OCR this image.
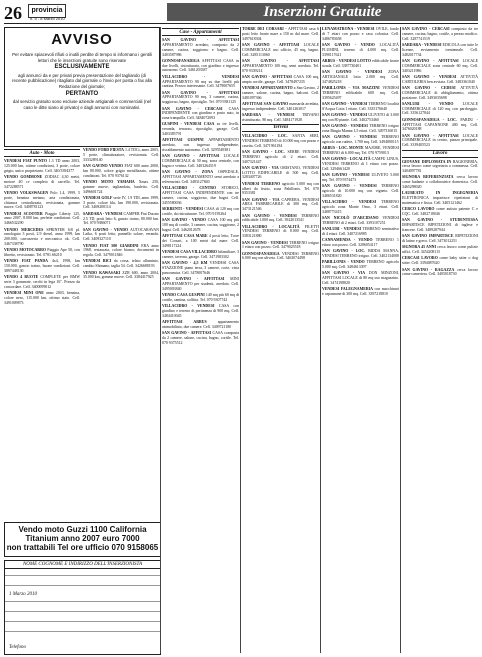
26	provincia
n. 5 - 8 Marzo 2010	Inserzioni Gratuite
AVVISO
Per evitare spiacevoli rifiuti o inutili perdite di tempo si informano i gentili lettori che le inserzioni gratuite sono riservate
ESCLUSIVAMENTE
agli annunci da e per privati previa presentazione del tagliando (di recente pubblicazione) ritagliato dal giornale o l'invio per posta o fax alla Redazione del giornale;
PERTANTO
dal servizio gratuito sono escluse aziende artigianali e commerciali (nel caso le ditte siano al privato) e dagli annunci con nominativi.
Auto - Moto

VENDESI FIAT PUNTO 1.3 TD anno 2003, 125.000 km, ottime condizioni, 3 porte, colore grigio, unico proprietario. Cell. 340/3394377

VENDO GOMMONE ZODIAC 4,30 metri, motore 40 cv completo di carrello. Tel. 3472288571

VENDO VOLKSWAGEN Polo 1.4, 1999, 5 porte, benzina metano, aria condizionata, chiusura centralizzata, revisionata, gomme nuove. Cell. 3408781123

VENDESI SCOOTER Piaggio Liberty 125, anno 2007, 8.000 km, perfette condizioni. Cell. 3466532290

VENDO MERCEDES SPRINTER 6/8 pl. omologato 3 posti, 2.9 diesel, anno 1999, km 200.000, carrozzeria e meccanica ok. Cell. 3467338790

VENDO MOTOCARRO Piaggio Ape 50, con libretto, revisionato. Tel. 0781.66210

VENDO FIAT PANDA 4x4, 1998, km 150.000, gancio traino, buone condizioni. Cell. 3897448130

VENDO 4 RUOTE COMPLETE per BMW serie 3 gommate, cerchi in lega 16". Prezzo da concordare. Cell. 3400099012

VENDESI MINI ONE anno 2003, benzina, colore nero, 115.000 km, ottimo stato. Cell. 3491009873

VENDO FORD FIESTA 1.4 TDCi, anno 2005, 5 porte, climatizzatore, revisionata. Cell. 3333289140

SAN GAVINO VENDO FIAT 600 anno 2000, km 80.000, colore grigio metallizzato, ottime condizioni. Tel. 070 9376132

VENDO MOTO YAMAHA Xmax 250, gomme nuove, tagliandata, bauletto. Cell. 3496601724

VENDESI GOLF serie IV, 1.9 TDI, anno 1999, 3 porte, colore blu, km 190.000, revisionata. Cell. 3469200114

SARDARA - VENDESI CAMPER Fiat Ducato 2.5 TD, posti letto 6, gancio traino, 80.000 km. Tel. 070 9386071

SAN GAVINO - VENDO AUTOCARAVAN Laika, 6 posti letto, pannello solare, veranda. Cell. 3409327110

VENDO FIAT 500 GIARDINI ERA anno 1968, restaurata, colore bianco, documenti in regola. Cell. 3479011846

VENDESI BICI da corsa, telaio alluminio, cambio Shimano, taglia 54. Cell. 3426688193

VENDO KAWASAKI ZZR 600, anno 2004, 35.000 km, gomme nuove. Cell. 3384417925

Vendo moto Guzzi 1100 California
Titanium anno 2007 euro 7000
non trattabili Tel ore ufficio 070 9158065
NOME COGNOME E INDIRIZZO DELL'INSERZIONISTA
1 Marzo 2010
Telefono
Case - Appartamenti

SAN GAVINO - AFFITTASI APPARTAMENTO arredato, composto da 2 camere, cucina, soggiorno e bagno. Cell. 3403587986

GONNOSFANADIGA AFFITTASI CASA in due livelli, ristrutturata, con giardino e ingresso autonomo. Cell. 3461203387

VILLACIDRO - VENDESI APPARTAMENTO 90 mq su due livelli più cantina. Prezzo interessante. Cell. 3479007655

SAN GAVINO - AFFITTASI APPARTAMENTO 90 mq, 3 camere, cucina, soggiorno, bagno, ripostiglio. Tel. 070 9381125

SAN GAVINO - CERCASI CASA INDIPENDENTE con giardino e posto auto, in zona tranquilla. Cell. 3484072093

GUSPINI - VENDESI CASA su tre livelli, veranda, terrazzo, ripostiglio, garage. Cell. 3403385791

AFFITTASI GUSPINI APPARTAMENTO arredato, con ingresso indipendente, riscaldamento autonomo. Cell. 3295549381

SAN GAVINO - AFFITTASI LOCALE COMMERCIALE di 50 mq, zona centrale, con bagno e vetrina. Cell. 3403264519

SAN GAVINO - ZONA OSPEDALE, AFFITTASI APPARTAMENTO semi arredato a referenziati. Cell. 3483127840

VILLACIDRO - CENTRO STORICO, AFFITTASI CASA INDIPENDENTE con tre camere, cucina, soggiorno, due bagni. Cell. 3455580036

SERRENTI - VENDESI CASA di 120 mq con cortile, da ristrutturare. Tel. 070 9159264

SAN GAVINO - VENDO CASA 100 mq più 100 mq di cortile, 3 camere, cucina, soggiorno, 2 bagni. Cell. 3462012678

AFFITTASI CASA MARE 4 posti letto, Torre dei Corsari, a 100 metri dal mare. Cell. 3498117224

VENDESI CASA VILLACIDRO bifamiliare, 3 camere, taverna, garage. Cell. 3471983302

SAN GAVINO - 4,5 KM VENDESI CASA STAZZIONE piano terra, 3 camere, corte, vista panoramica. Cell. 3478007646

SAN GAVINO - AFFITTASI MINI APPARTAMENTO per studenti, arredato. Cell. 3495003840

VENDO CASA GUSPINI 140 mq più 60 mq di cortile, cantina, soffitta. Tel. 070 9307742

VILLACIDRO - VENDESI CASA con giardino e terreno di pertinenza di 900 mq. Cell. 3484410045

AFFITTASI ARBUS appartamento ammobiliato, due camere. Cell. 3409721180

SAN GAVINO - AFFITTASI CASA composta da 2 camere, salone, cucina, bagno, cortile. Tel. 070 9375512

TORRE DEI CORSARI - AFFITTASI casa 6 posti letto fronte mare a 150 m dal mare. Cell. 3497618304

SAN GAVINO - AFFITTASI LOCALE COMMERCIALE uso ufficio, 45 mq, bagno. Cell. 3285113060

SAN GAVINO - AFFITTASI APPARTAMENTO 100 mq, semi arredato. Tel. 070 9339214

SAN GAVINO - AFFITTASI CASA 100 mq, ampio cortile, garage. Cell. 3478497235

VENDESI APPARTAMENTO a San Gavino, 2 camere, salone, cucina, bagno, balconi. Cell. 3481097366

AFFITTASI SAN GAVINO mansarda arredata, ingresso indipendente. Cell. 3401263017

SARDARA - VENDESI TRIVANO ristrutturato, 80 mq. Cell. 3484171928

Terreni

VILLACIDRO - LOC. SANTA SERI, VENDESI TERRENO di 10.000 mq con pozzo e casetta. Cell. 3471961184

SAN GAVINO - LOC. SERRE VENDESI TERRENO agricolo di 2 ettari. Cell. 3407321447

SAN GAVINO - VIA ORISTANO, VENDESI LOTTO EDIFICABILE di 500 mq. Cell. 3283407726

VENDESI TERRENO agricolo 5.000 mq con alberi da frutto, zona Pabillonis. Tel. 070 9353381

SAN GAVINO - VIA CAPRERA, VENDESI AREA FABBRICABILE di 300 mq. Cell. 3473121546

SAN GAVINO - VENDESI TERRENO edificabile 1.000 mq. Cell. 3922013541

VILLACIDRO - LOCALITÀ FILETTI VENDESI TERRENO di 8.000 mq. Cell. 3383121880

SAN GAVINO - VENDESI TERRENO irriguo 1 ettaro con pozzo. Cell. 3479025518

GONNOSFANADIGA VENDESI TERRENO 6.000 mq con uliveto. Cell. 3463074498

LUNAMATRONA - VENDESI OVILE, fondo di 7 ettari con pozzo e casa colonica. Cell. 3486783658

SAN GAVINO - VENDO LOCALITÀ FLUMINI, terreno di 4.000 mq. Cell. 3390117621

ARBUS - VENDESI LOTTO edificabile fronte strada. Cell. 3387730401

SAN GAVINO - VENDESI ZONA ARTIGIANALE lotto 2.000 mq. Cell. 3474825218

PABILLONIS - VIA MAZZINI VENDESI TERRENO edificabile 600 mq. Cell. 3395625497

SAN GAVINO - VENDESI TERRENO località S'Acqua Cotta 1 ettaro. Cell. 3335176640

SAN GAVINO - VENDESI ULIVETO di 3.000 mq con 80 piante. Cell. 3402753460

SAN GAVINO - VENDESI TERRENO irriguo zona Bingia Manna 1,5 ettari. Cell. 3497316015

SAN GAVINO - VENDESI TERRENO agricolo con rudere, 1.700 mq. Cell. 3494800115

ARBUS - LOC. MONTE MAJORE, VENDESI TERRENO di 6.000 mq. Tel. 070 9759013

SAN GAVINO - LOCALITÀ CAMPU LINUS, VENDESI TERRENO di 1 ettaro con pozzo. Cell. 3294661420

SAN GAVINO - VENDESI ULIVETO 5.000 mq. Tel. 070 9374473

SAN GAVINO - VENDESI TERRENO agricolo di 10.000 mq con vigneto. Cell. 3486531820

VILLACIDRO - VENDESI TERRENO agricolo zona Monte Omo, 3 ettari. Cell. 3488773415

SAN NICOLÒ D'ARCIDANO VENDESI TERRENO di 2 ettari. Cell. 3393107251

SANLURI - VENDESI TERRENO seminativo di 4 ettari. Cell. 3407216985

CANNAMENDA - VENDO TERRENO 1 ettaro con pozzo. Cell. 3286054117

SAN GAVINO - LOC. BIDDA MANNA, VENDESI TERRENO irriguo. Cell. 3402134008

PABILLONIS - VENDO TERRENO agricolo 5.000 mq. Cell. 3484613397

SAN GAVINO - VIA DON MINZONI, AFFITTASI LOCALE di 80 mq uso magazzino. Cell. 3474198820

VENDESI FALEGNAMERIA con macchinari e capannone di 300 mq. Cell. 3397218810

SAN GAVINO - CERCASI composto da tre camere, cucina, bagno, cortile, a prezzo modico. Cell. 3287741519

SARDARA - VENDESI EDICOLA con tutte le licenze, avviamento trentennale. Cell. 3482017734

SAN GAVINO - AFFITTASI LOCALE COMMERCIALE zona centrale 60 mq. Cell. 3403211986

SAN GAVINO - VENDESI ATTIVITÀ CARTOLERIA ben avviata. Cell. 3483361040

SAN GAVINO - CEDESI ATTIVITÀ COMMERCIALE di abbigliamento, ottima posizione. Cell. 3493035698

SANLURI - VENDO LOCALE COMMERCIALE di 120 mq con parcheggio. Cell. 3356127844

GONNOSFANADIGA - LOC. PARDU - AFFITTASI CAPANNONE 400 mq. Cell. 3476020188

SAN GAVINO - AFFITTASI LOCALE COMMERCIALE in centro, piazza principale. Cell. 3339405523

Lavoro

GIOVANE DIPLOMATA IN RAGIONERIA, cerca lavoro come segretaria o commessa. Cell. 3404097781

SIGNORA REFERENZIATA cerca lavoro come badante o collaboratrice domestica. Cell. 3465298020

LAUREATO IN INGEGNERIA ELETTRONICA impartisce ripetizioni di matematica e fisica. Cell. 3405121462

CERCO LAVORO come autista patente C e CQC. Cell. 3482718046

SAN GAVINO - STUDENTESSA IMPARTISCE RIPETIZIONI di inglese e francese. Cell. 3489287944

SAN GAVINO IMPARTISCE RIPETIZIONI di latino e greco. Cell. 3473012251

SIGNORA 45 ANNI cerca lavoro come pulizie uffici. Cell. 3454208115

CERCASI LAVORO come baby sitter o dog sitter. Cell. 3394087620

SAN GAVINO - RAGAZZA cerca lavoro come cameriera. Cell. 3405018730
